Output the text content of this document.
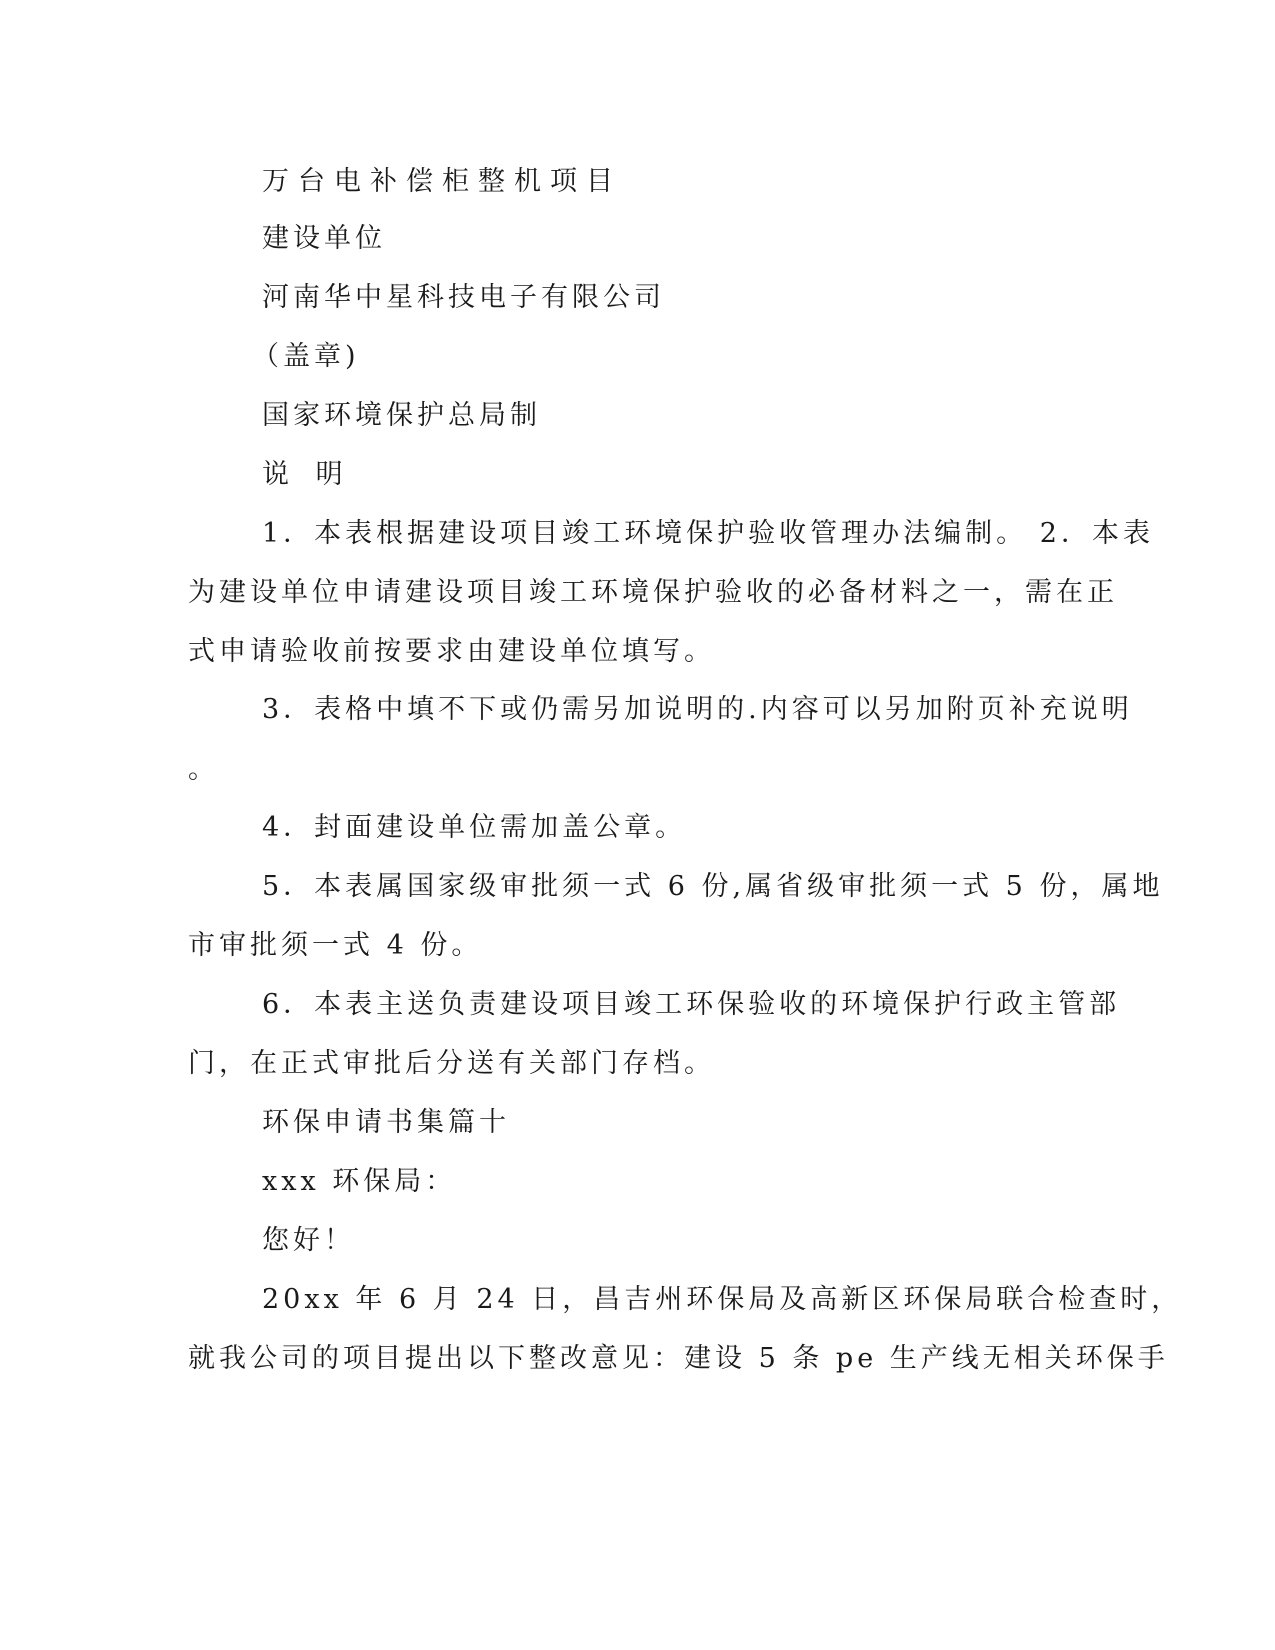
万台电补偿柜整机项目
建设单位
河南华中星科技电子有限公司
（盖章)
国家环境保护总局制
说 明
1．本表根据建设项目竣工环境保护验收管理办法编制。 2．本表
为建设单位申请建设项目竣工环境保护验收的必备材料之一，需在正
式申请验收前按要求由建设单位填写。
3．表格中填不下或仍需另加说明的.内容可以另加附页补充说明
。
4．封面建设单位需加盖公章。
5．本表属国家级审批须一式 6 份,属省级审批须一式 5 份，属地
市审批须一式 4 份。
6．本表主送负责建设项目竣工环保验收的环境保护行政主管部
门，在正式审批后分送有关部门存档。
环保申请书集篇十
xxx 环保局：
您好！
20xx 年 6 月 24 日，昌吉州环保局及高新区环保局联合检查时，
就我公司的项目提出以下整改意见：建设 5 条 pe 生产线无相关环保手
